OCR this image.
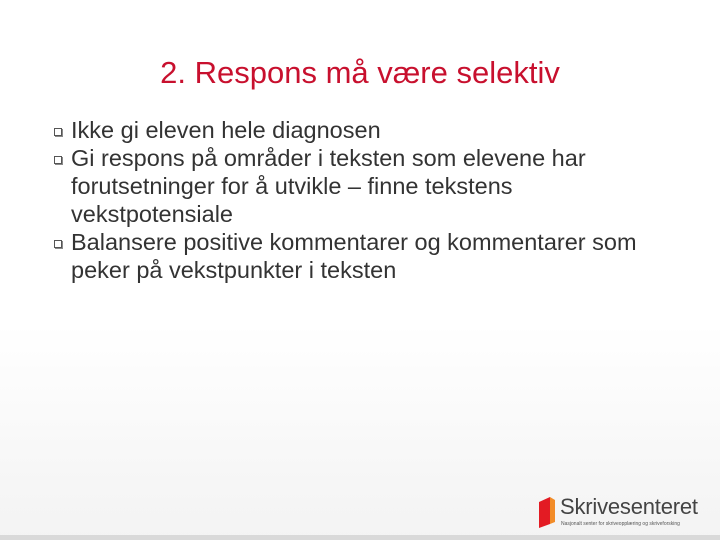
2. Respons må være selektiv
Ikke gi eleven hele diagnosen
Gi respons på områder i teksten som elevene har forutsetninger for å utvikle – finne tekstens vekstpotensiale
Balansere positive kommentarer og kommentarer som peker på vekstpunkter i teksten
Skrivesenteret
Nasjonalt senter for skriveopplæring og skriveforsking
